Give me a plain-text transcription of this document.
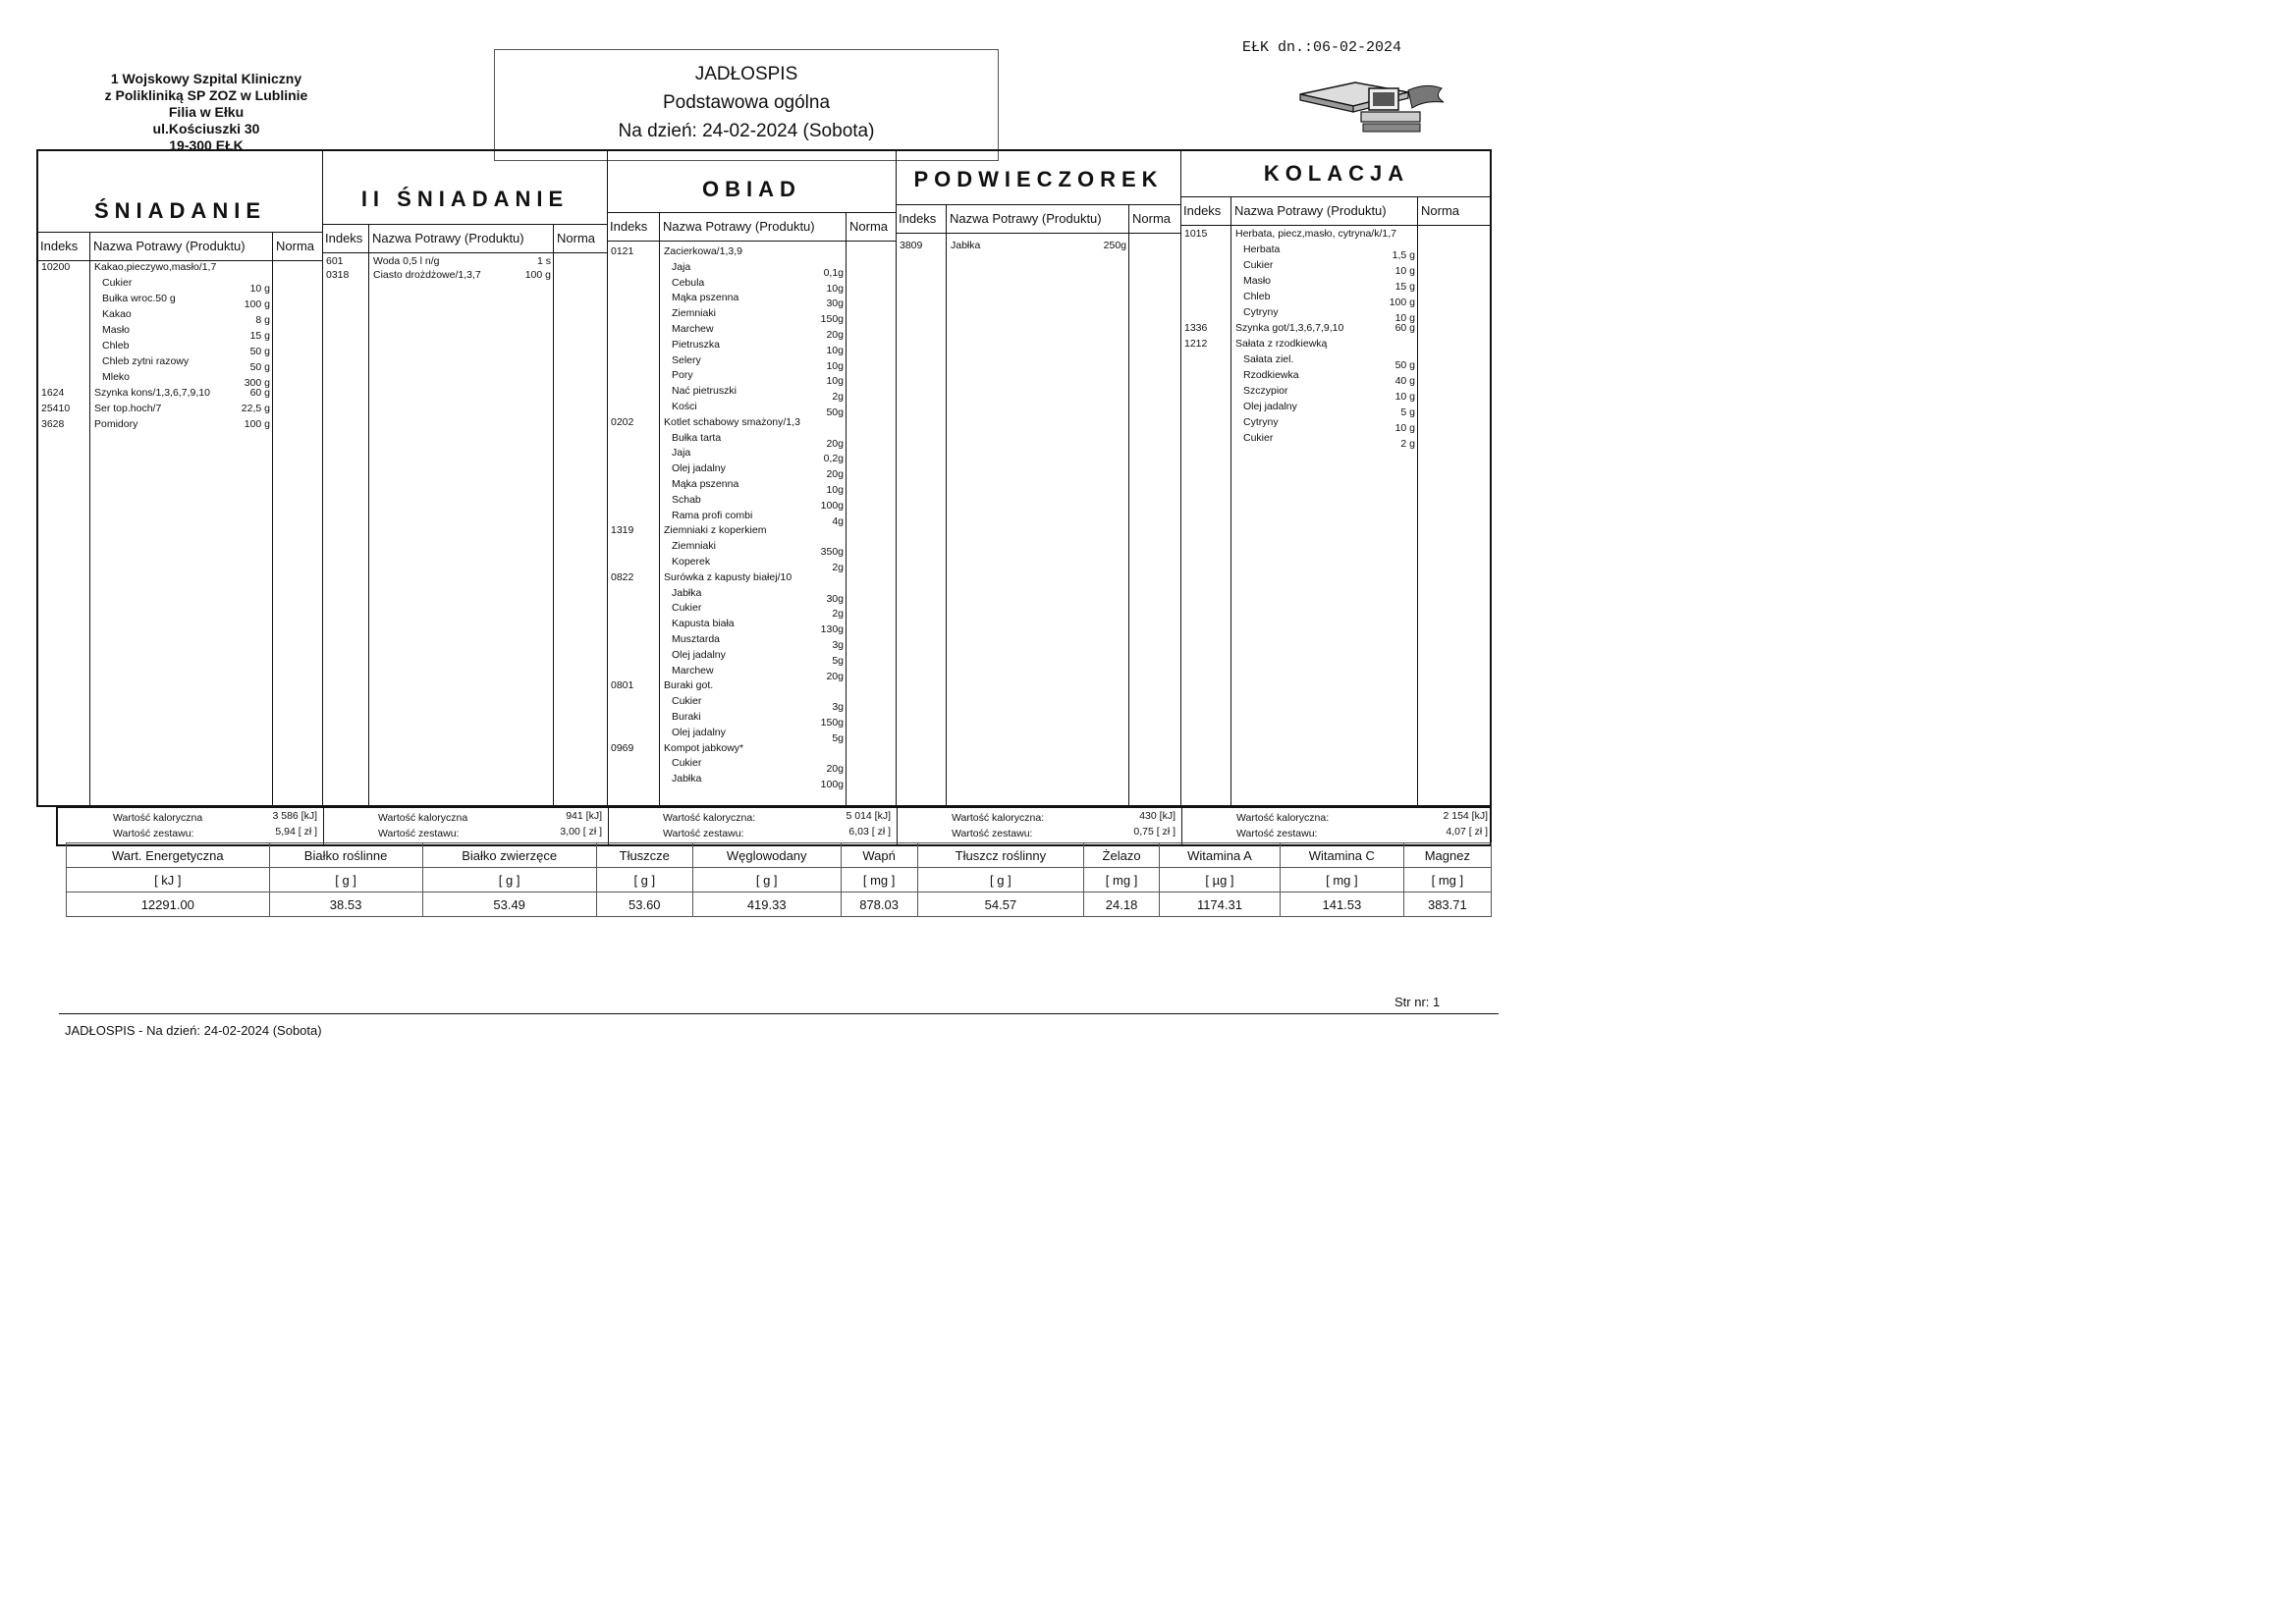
1 Wojskowy Szpital Kliniczny
z Polikliniką SP ZOZ w Lublinie
Filia w Ełku
ul.Kościuszki 30
19-300 EŁK
JADŁOSPIS
Podstawowa ogólna
Na dzień: 24-02-2024 (Sobota)
EŁK dn.:06-02-2024
ŚNIADANIE
Indeks Nazwa Potrawy (Produktu) Norma
10200 Kakao,pieczywo,masło/1,7
Cukier	10 g
Bułka wroc.50 g	100 g
Kakao	8 g
Masło	15 g
Chleb	50 g
Chleb zytni razowy	50 g
Mleko	300 g
1624	Szynka kons/1,3,6,7,9,10	60 g
25410 Ser top.hoch/7	22,5 g
3628	Pomidory	100 g
II ŚNIADANIE
Indeks Nazwa Potrawy (Produktu)	Norma
601	Woda 0,5 l n/g	1 s
0318 Ciasto drożdżowe/1,3,7	100 g
OBIAD
Indeks Nazwa Potrawy (Produktu)	Norma
0121	Zacierkowa/1,3,9
Jaja	0,1g
Cebula	10g
Mąka pszenna	30g
Ziemniaki	150g
Marchew	20g
Pietruszka	10g
Selery	10g
Pory	10g
Nać pietruszki	2g
Kości	50g
0202	Kotlet schabowy smażony/1,3
Bułka tarta	20g
Jaja	0,2g
Olej jadalny	20g
Mąka pszenna	10g
Schab	100g
Rama profi combi	4g
1319	Ziemniaki z koperkiem
Ziemniaki	350g
Koperek	2g
0822	Surówka z kapusty białej/10
Jabłka	30g
Cukier	2g
Kapusta biała	130g
Musztarda	3g
Olej jadalny	5g
Marchew	20g
0801	Buraki got.
Cukier	3g
Buraki	150g
Olej jadalny	5g
0969	Kompot jabkowy*
Cukier	20g
Jabłka	100g
PODWIECZOREK
Indeks Nazwa Potrawy (Produktu) Norma
3809	Jabłka	250g
KOLACJA
Indeks Nazwa Potrawy (Produktu)	Norma
1015	Herbata, piecz,masło, cytryna/k/1,7
Herbata	1,5 g
Cukier	10 g
Masło	15 g
Chleb	100 g
Cytryny	10 g
1336	Szynka got/1,3,6,7,9,10	60 g
1212	Sałata z rzodkiewką
Sałata ziel.	50 g
Rzodkiewka	40 g
Szczypior	10 g
Olej jadalny	5 g
Cytryny	10 g
Cukier	2 g
Wartość kaloryczna	3 586 [kJ]
Wartość zestawu:	5,94 [ zł ]
Wartość kaloryczna	941 [kJ]
Wartość zestawu:	3,00 [ zł ]
Wartość kaloryczna:	5 014 [kJ]
Wartość zestawu:	6,03 [ zł ]
Wartość kaloryczna:	430 [kJ]
Wartość zestawu:	0,75 [ zł ]
Wartość kaloryczna:	2 154 [kJ]
Wartość zestawu:	4,07 [ zł ]
Wart. Energetyczna	Białko roślinne	Białko zwierzęce	Tłuszcze	Węglowodany	Wapń	Tłuszcz roślinny	Żelazo	Witamina A	Witamina C	Magnez
[ kJ ]	[ g ]	[ g ]	[ g ]	[ g ]	[ mg ]	[ g ]	[ mg ]	[ µg ]	[ mg ]	[ mg ]
12291.00	38.53	53.49	53.60	419.33	878.03	54.57	24.18	1174.31	141.53	383.71
Str nr: 1
JADŁOSPIS - Na dzień: 24-02-2024 (Sobota)
